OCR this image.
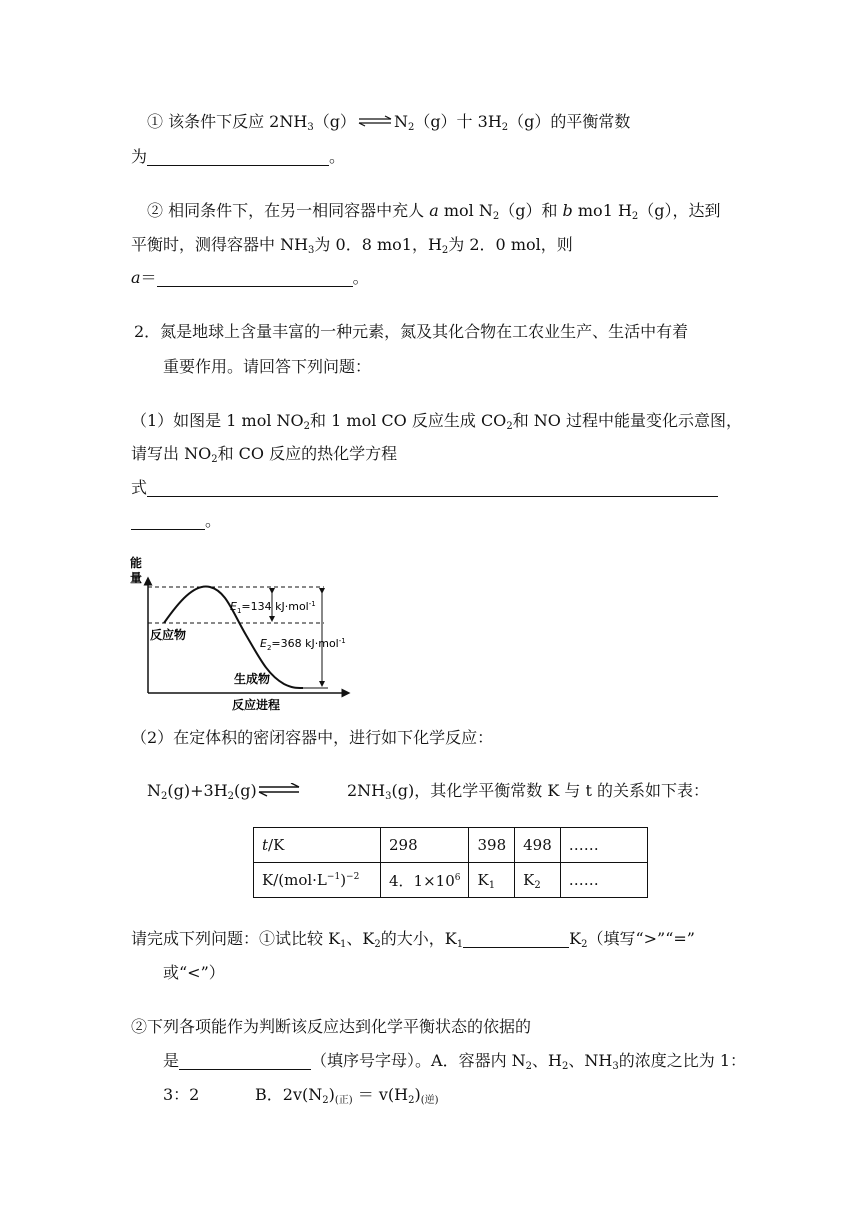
① 该条件下反应 $2NH_3(g)$ ⇌ $N_2(g)$十 $3H_2(g)$的平衡常数
为	。
② 相同条件下，在另一相同容器中充人 a mol $N_2(g)$和 b mo1 $H_2(g)$，达到
平衡时，测得容器中 $NH_3$为 0．8 mo1，$H_2$为 2．0 mol，则
a＝	。
2．氮是地球上含量丰富的一种元素，氮及其化合物在工农业生产、生活中有着
重要作用。请回答下列问题：
（1）如图是 1 mol $NO_2$和 1 mol CO 反应生成 $CO_2$和 NO 过程中能量变化示意图，
请写出 $NO_2$和 CO 反应的热化学方程
式
。
能
量
$E_1=134$ kJ·mol$^{-1}$
$E_2=368$ kJ·mol$^{-1}$
反应物
生成物
反应进程
（2）在定体积的密闭容器中，进行如下化学反应：
$N_2(g)+3H_2(g)$ ⇌	$2NH_3(g)$，其化学平衡常数 K 与 t 的关系如下表：
t/K	298	398	498	……
$K/(mol\cdot L^{-1})^{-2}$	4．$1\times 10^6$	$K_1$	$K_2$	……
请完成下列问题：①试比较 $K_1$、$K_2$的大小，$K_1$	$K_2$（填写“>”“=”
或“<”）
②下列各项能作为判断该反应达到化学平衡状态的依据的
是	（填序号字母）。A．容器内 $N_2$、$H_2$、$NH_3$的浓度之比为 1：
3：2	B．$2v(N_2)_{(正)} = v(H_2)_{(逆)}$
